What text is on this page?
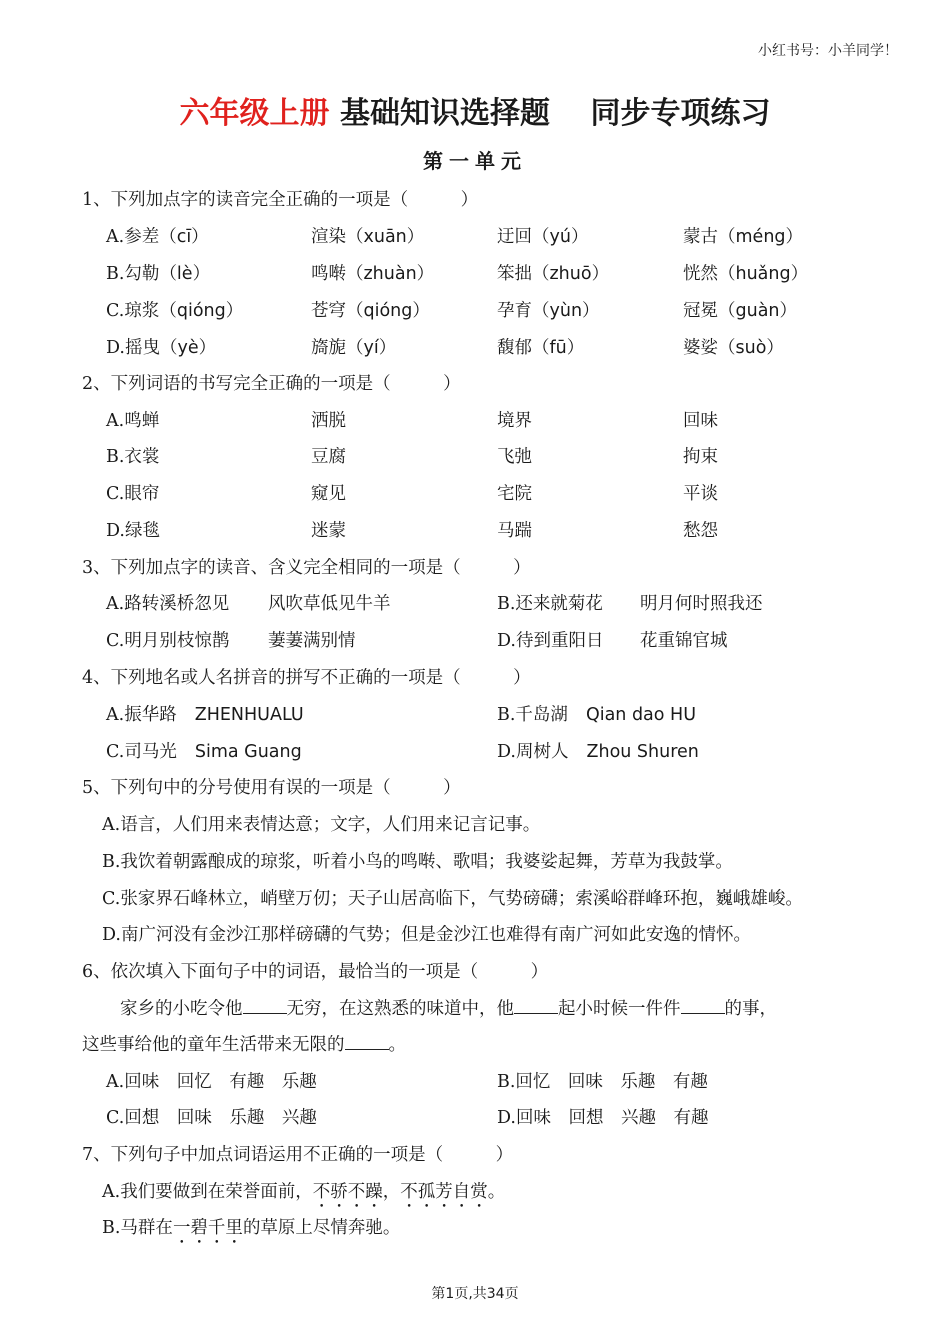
小红书号：小羊同学！
六年级上册 基础知识选择题 同步专项练习
第一单元
1、下列加点字的读音完全正确的一项是（　　　）
A.参差（cī）	渲染（xuān）	迂回（yú）	蒙古（méng）
B.勾勒（lè）	鸣啭（zhuàn）	笨拙（zhuō）	恍然（huǎng）
C.琼浆（qióng）	苍穹（qióng）	孕育（yùn）	冠冕（guàn）
D.摇曳（yè）	旖旎（yí）	馥郁（fū）	婆娑（suò）
2、下列词语的书写完全正确的一项是（　　　）
A.鸣蝉	洒脱	境界	回味
B.衣裳	豆腐	飞弛	拘束
C.眼帘	窥见	宅院	平谈
D.绿毯	迷蒙	马踹	愁怨
3、下列加点字的读音、含义完全相同的一项是（　　　）
A.路转溪桥忽见 风吹草低见牛羊	B.还来就菊花 明月何时照我还
C.明月别枝惊鹊 萋萋满别情	D.待到重阳日 花重锦官城
4、下列地名或人名拼音的拼写不正确的一项是（　　　）
A.振华路 ZHENHUALU	B.千岛湖 Qian dao HU
C.司马光 Sima Guang	D.周树人 Zhou Shuren
5、下列句中的分号使用有误的一项是（　　　）
A.语言，人们用来表情达意；文字，人们用来记言记事。
B.我饮着朝露酿成的琼浆，听着小鸟的鸣啭、歌唱；我婆娑起舞，芳草为我鼓掌。
C.张家界石峰林立，峭壁万仞；天子山居高临下，气势磅礴；索溪峪群峰环抱，巍峨雄峻。
D.南广河没有金沙江那样磅礴的气势；但是金沙江也难得有南广河如此安逸的情怀。
6、依次填入下面句子中的词语，最恰当的一项是（　　　）
家乡的小吃令他	无穷，在这熟悉的味道中，他	起小时候一件件	的事，
这些事给他的童年生活带来无限的	。
A.回味　回忆　有趣　乐趣	B.回忆　回味　乐趣　有趣
C.回想　回味　乐趣　兴趣	D.回味　回想　兴趣　有趣
7、下列句子中加点词语运用不正确的一项是（　　　）
A.我们要做到在荣誉面前，不骄不躁，不孤芳自赏。
B.马群在一碧千里的草原上尽情奔驰。
第1页,共34页
